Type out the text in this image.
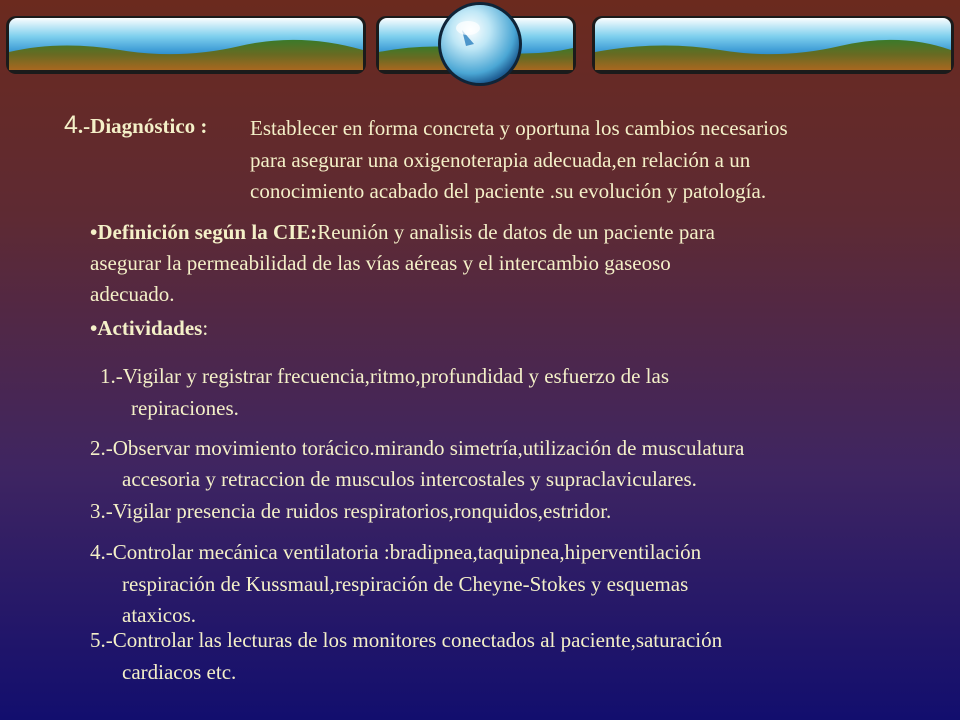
4.-Diagnóstico : Establecer en forma concreta y oportuna los cambios necesarios

para asegurar una oxigenoterapia adecuada,en relación a un

conocimiento acabado del paciente .su evolución y patología.

•Definición según la CIE:Reunión y analisis de datos de un paciente para

asegurar la permeabilidad de las vías aéreas y el intercambio gaseoso

adecuado.

•Actividades:

1.-Vigilar y registrar frecuencia,ritmo,profundidad y esfuerzo de las

repiraciones.

2.-Observar movimiento torácico.mirando simetría,utilización de musculatura

accesoria y retraccion de musculos intercostales y supraclaviculares.

3.-Vigilar presencia de ruidos respiratorios,ronquidos,estridor.

4.-Controlar mecánica ventilatoria :bradipnea,taquipnea,hiperventilación

respiración de Kussmaul,respiración de Cheyne-Stokes y esquemas

ataxicos.

5.-Controlar las lecturas de los monitores conectados al paciente,saturación

cardiacos etc.
